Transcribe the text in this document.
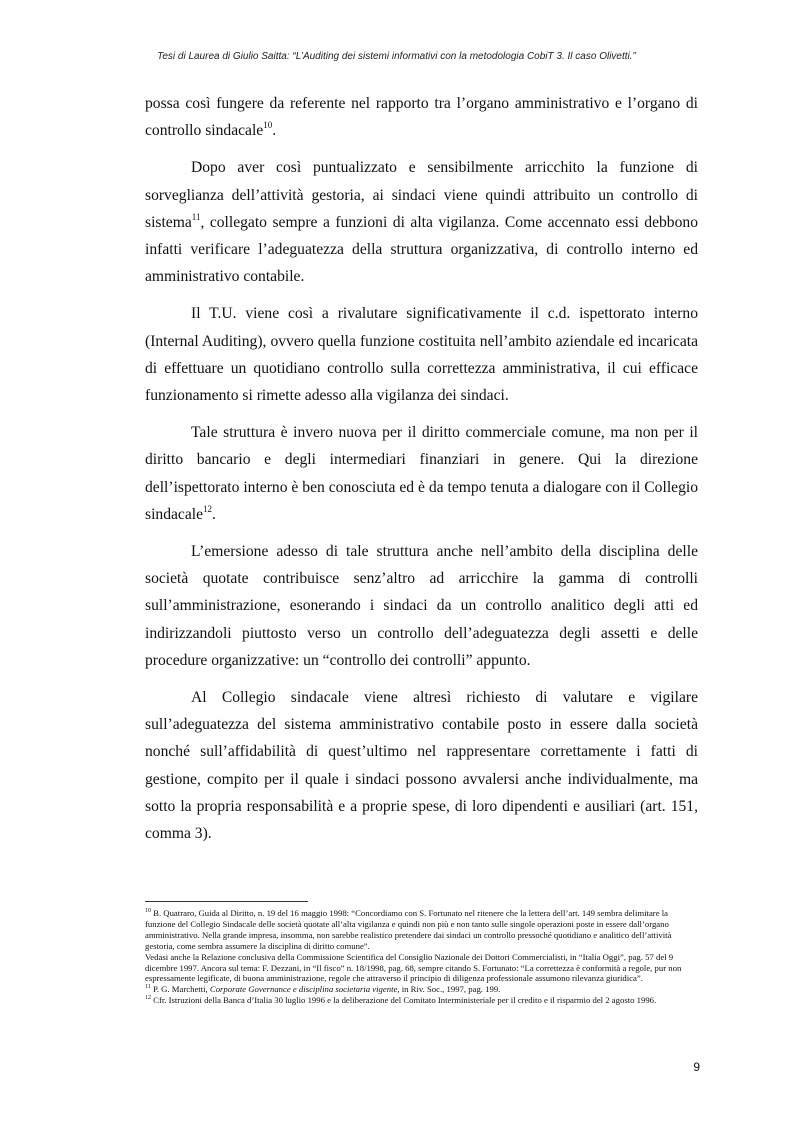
Tesi di Laurea di Giulio Saitta: “L’Auditing dei sistemi informativi con la metodologia CobiT 3. Il caso Olivetti.”

possa così fungere da referente nel rapporto tra l’organo amministrativo e l’organo di controllo sindacale$^{10}$.

Dopo aver così puntualizzato e sensibilmente arricchito la funzione di sorveglianza dell’attività gestoria, ai sindaci viene quindi attribuito un controllo di sistema$^{11}$, collegato sempre a funzioni di alta vigilanza. Come accennato essi debbono infatti verificare l’adeguatezza della struttura organizzativa, di controllo interno ed amministrativo contabile.

Il T.U. viene così a rivalutare significativamente il c.d. ispettorato interno (Internal Auditing), ovvero quella funzione costituita nell’ambito aziendale ed incaricata di effettuare un quotidiano controllo sulla correttezza amministrativa, il cui efficace funzionamento si rimette adesso alla vigilanza dei sindaci.

Tale struttura è invero nuova per il diritto commerciale comune, ma non per il diritto bancario e degli intermediari finanziari in genere. Qui la direzione dell’ispettorato interno è ben conosciuta ed è da tempo tenuta a dialogare con il Collegio sindacale$^{12}$.

L’emersione adesso di tale struttura anche nell’ambito della disciplina delle società quotate contribuisce senz’altro ad arricchire la gamma di controlli sull’amministrazione, esonerando i sindaci da un controllo analitico degli atti ed indirizzandoli piuttosto verso un controllo dell’adeguatezza degli assetti e delle procedure organizzative: un “controllo dei controlli” appunto.

Al Collegio sindacale viene altresì richiesto di valutare e vigilare sull’adeguatezza del sistema amministrativo contabile posto in essere dalla società nonché sull’affidabilità di quest’ultimo nel rappresentare correttamente i fatti di gestione, compito per il quale i sindaci possono avvalersi anche individualmente, ma sotto la propria responsabilità e a proprie spese, di loro dipendenti e ausiliari (art. 151, comma 3).

$^{10}$ B. Quatraro, Guida al Diritto, n. 19 del 16 maggio 1998: “Concordiamo con S. Fortunato nel ritenere che la lettera dell’art. 149 sembra delimitare la funzione del Collegio Sindacale delle società quotate all’alta vigilanza e quindi non più e non tanto sulle singole operazioni poste in essere dall’organo amministrativo. Nella grande impresa, insomma, non sarebbe realistico pretendere dai sindaci un controllo pressoché quotidiano e analitico dell’attività gestoria, come sembra assumere la disciplina di diritto comune”.

Vedasi anche la Relazione conclusiva della Commissione Scientifica del Consiglio Nazionale dei Dottori Commercialisti, in “Italia Oggi”, pag. 57 del 9 dicembre 1997. Ancora sul tema: F. Dezzani, in “Il fisco” n. 18/1998, pag. 68, sempre citando S. Fortunato: “La correttezza è conformità a regole, pur non espressamente legificate, di buona amministrazione, regole che attraverso il principio di diligenza professionale assumono rilevanza giuridica”.

$^{11}$ P. G. Marchetti, Corporate Governance e disciplina societaria vigente, in Riv. Soc., 1997, pag. 199.

$^{12}$ Cfr. Istruzioni della Banca d’Italia 30 luglio 1996 e la deliberazione del Comitato Interministeriale per il credito e il risparmio del 2 agosto 1996.

9
